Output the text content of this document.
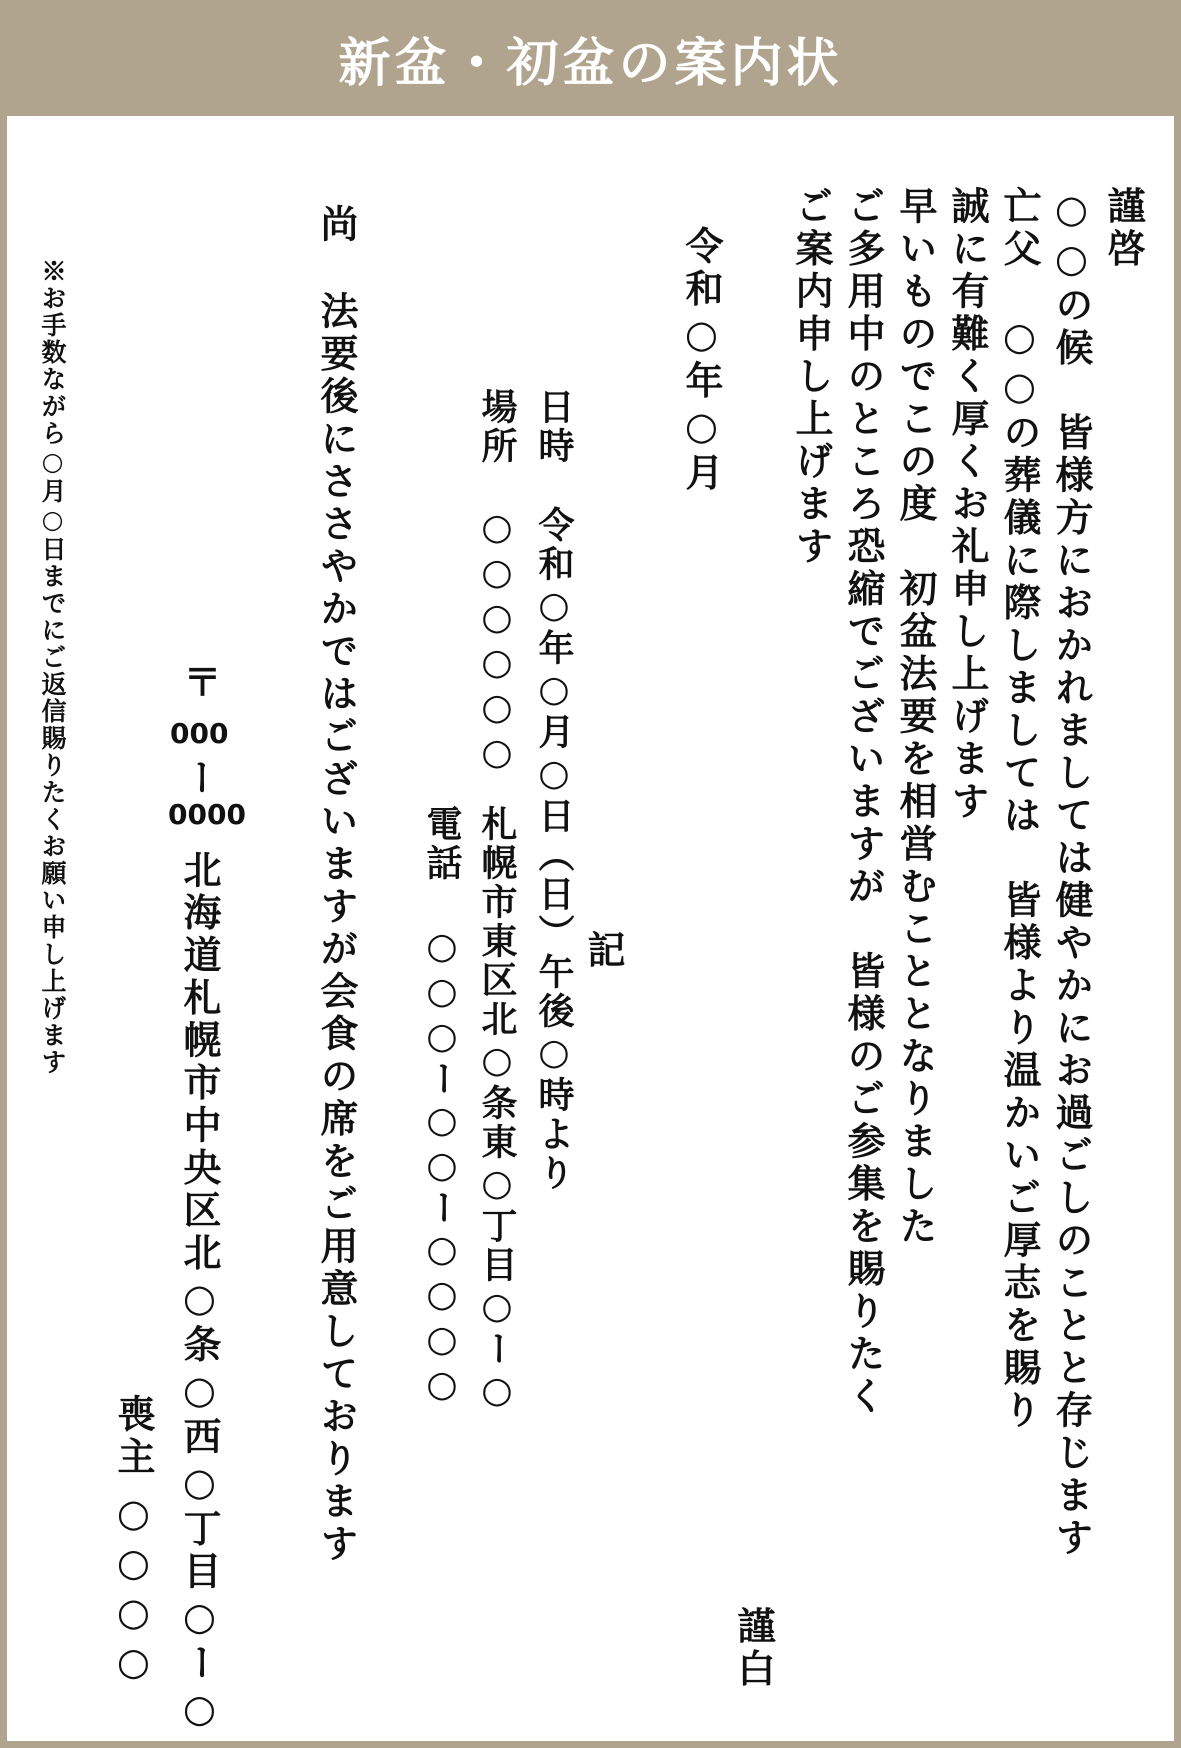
新盆・初盆の案内状
謹啓
○○の候　皆様方におかれましては健やかにお過ごしのことと存じます
亡父　○○の葬儀に際しましては　皆様より温かいご厚志を賜り
誠に有難く厚くお礼申し上げます
早いものでこの度　初盆法要を相営むこととなりました
ご多用中のところ恐縮でございますが　皆様のご参集を賜りたく
ご案内申し上げます
令和○年○月
謹白
記
日時
令和○年○月○日（日）午後○時より
場所
○○○○○○
札幌市東区北○条東○丁目○ー○
電話
○○○ー○○ー○○○○
尚
法要後にささやかではございますが会食の席をご用意しております
〒
000
ー
0000
北海道札幌市中央区北○条○西○丁目○ー○
喪主
○○○○
※お手数ながら○月○日までにご返信賜りたくお願い申し上げます
